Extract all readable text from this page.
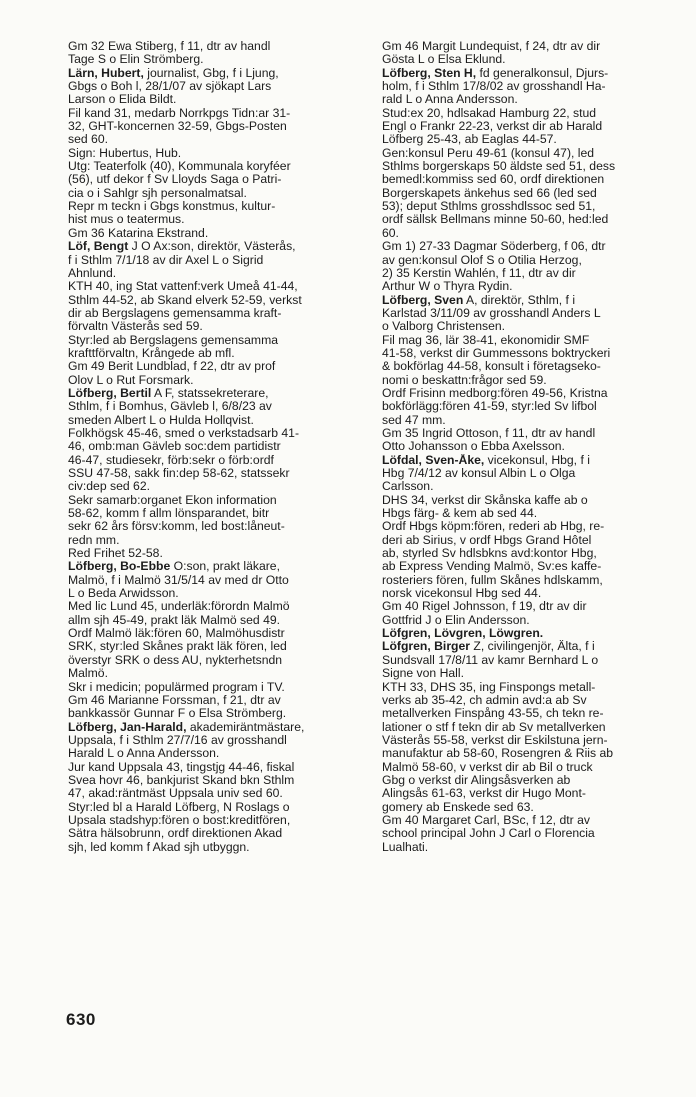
Gm 32 Ewa Stiberg, f 11, dtr av handl
Tage S o Elin Strömberg.
Lärn, Hubert, journalist, Gbg, f i Ljung,
Gbgs o Boh l, 28/1/07 av sjökapt Lars
Larson o Elida Bildt.
Fil kand 31, medarb Norrkpgs Tidn:ar 31-
32, GHT-koncernen 32-59, Gbgs-Posten
sed 60.
Sign: Hubertus, Hub.
Utg: Teaterfolk (40), Kommunala koryféer
(56), utf dekor f Sv Lloyds Saga o Patri-
cia o i Sahlgr sjh personalmatsal.
Repr m teckn i Gbgs konstmus, kultur-
hist mus o teatermus.
Gm 36 Katarina Ekstrand.
Löf, Bengt J O Ax:son, direktör, Västerås,
f i Sthlm 7/1/18 av dir Axel L o Sigrid
Ahnlund.
KTH 40, ing Stat vattenf:verk Umeå 41-44,
Sthlm 44-52, ab Skand elverk 52-59, verkst
dir ab Bergslagens gemensamma kraft-
förvaltn Västerås sed 59.
Styr:led ab Bergslagens gemensamma
krafttförvaltn, Krångede ab mfl.
Gm 49 Berit Lundblad, f 22, dtr av prof
Olov L o Rut Forsmark.
Löfberg, Bertil A F, statssekreterare,
Sthlm, f i Bomhus, Gävleb l, 6/8/23 av
smeden Albert L o Hulda Hollqvist.
Folkhögsk 45-46, smed o verkstadsarb 41-
46, omb:man Gävleb soc:dem partidistr
46-47, studiesekr, förb:sekr o förb:ordf
SSU 47-58, sakk fin:dep 58-62, statssekr
civ:dep sed 62.
Sekr samarb:organet Ekon information
58-62, komm f allm lönsparandet, bitr
sekr 62 års försv:komm, led bost:låneut-
redn mm.
Red Frihet 52-58.
Löfberg, Bo-Ebbe O:son, prakt läkare,
Malmö, f i Malmö 31/5/14 av med dr Otto
L o Beda Arwidsson.
Med lic Lund 45, underläk:förordn Malmö
allm sjh 45-49, prakt läk Malmö sed 49.
Ordf Malmö läk:fören 60, Malmöhusdistr
SRK, styr:led Skånes prakt läk fören, led
överstyr SRK o dess AU, nykterhetsndn
Malmö.
Skr i medicin; populärmed program i TV.
Gm 46 Marianne Forssman, f 21, dtr av
bankkassör Gunnar F o Elsa Strömberg.
Löfberg, Jan-Harald, akademiräntmästare,
Uppsala, f i Sthlm 27/7/16 av grosshandl
Harald L o Anna Andersson.
Jur kand Uppsala 43, tingstjg 44-46, fiskal
Svea hovr 46, bankjurist Skand bkn Sthlm
47, akad:räntmäst Uppsala univ sed 60.
Styr:led bl a Harald Löfberg, N Roslags o
Upsala stadshyp:fören o bost:kreditfören,
Sätra hälsobrunn, ordf direktionen Akad
sjh, led komm f Akad sjh utbyggn.
Gm 46 Margit Lundequist, f 24, dtr av dir
Gösta L o Elsa Eklund.
Löfberg, Sten H, fd generalkonsul, Djurs-
holm, f i Sthlm 17/8/02 av grosshandl Ha-
rald L o Anna Andersson.
Stud:ex 20, hdlsakad Hamburg 22, stud
Engl o Frankr 22-23, verkst dir ab Harald
Löfberg 25-43, ab Eaglas 44-57.
Gen:konsul Peru 49-61 (konsul 47), led
Sthlms borgerskaps 50 äldste sed 51, dess
bemedl:kommiss sed 60, ordf direktionen
Borgerskapets änkehus sed 66 (led sed
53); deput Sthlms grosshdlssoc sed 51,
ordf sällsk Bellmans minne 50-60, hed:led
60.
Gm 1) 27-33 Dagmar Söderberg, f 06, dtr
av gen:konsul Olof S o Otilia Herzog,
2) 35 Kerstin Wahlén, f 11, dtr av dir
Arthur W o Thyra Rydin.
Löfberg, Sven A, direktör, Sthlm, f i
Karlstad 3/11/09 av grosshandl Anders L
o Valborg Christensen.
Fil mag 36, lär 38-41, ekonomidir SMF
41-58, verkst dir Gummessons boktryckeri
& bokförlag 44-58, konsult i företagseko-
nomi o beskattn:frågor sed 59.
Ordf Frisinn medborg:fören 49-56, Kristna
bokförlägg:fören 41-59, styr:led Sv lifbol
sed 47 mm.
Gm 35 Ingrid Ottoson, f 11, dtr av handl
Otto Johansson o Ebba Axelsson.
Löfdal, Sven-Åke, vicekonsul, Hbg, f i
Hbg 7/4/12 av konsul Albin L o Olga
Carlsson.
DHS 34, verkst dir Skånska kaffe ab o
Hbgs färg- & kem ab sed 44.
Ordf Hbgs köpm:fören, rederi ab Hbg, re-
deri ab Sirius, v ordf Hbgs Grand Hôtel
ab, styrled Sv hdlsbkns avd:kontor Hbg,
ab Express Vending Malmö, Sv:es kaffe-
rosteriers fören, fullm Skånes hdlskamm,
norsk vicekonsul Hbg sed 44.
Gm 40 Rigel Johnsson, f 19, dtr av dir
Gottfrid J o Elin Andersson.
Löfgren, Lövgren, Löwgren.
Löfgren, Birger Z, civilingenjör, Älta, f i
Sundsvall 17/8/11 av kamr Bernhard L o
Signe von Hall.
KTH 33, DHS 35, ing Finspongs metall-
verks ab 35-42, ch admin avd:a ab Sv
metallverken Finspång 43-55, ch tekn re-
lationer o stf f tekn dir ab Sv metallverken
Västerås 55-58, verkst dir Eskilstuna jern-
manufaktur ab 58-60, Rosengren & Riis ab
Malmö 58-60, v verkst dir ab Bil o truck
Gbg o verkst dir Alingsåsverken ab
Alingsås 61-63, verkst dir Hugo Mont-
gomery ab Enskede sed 63.
Gm 40 Margaret Carl, BSc, f 12, dtr av
school principal John J Carl o Florencia
Lualhati.
630
